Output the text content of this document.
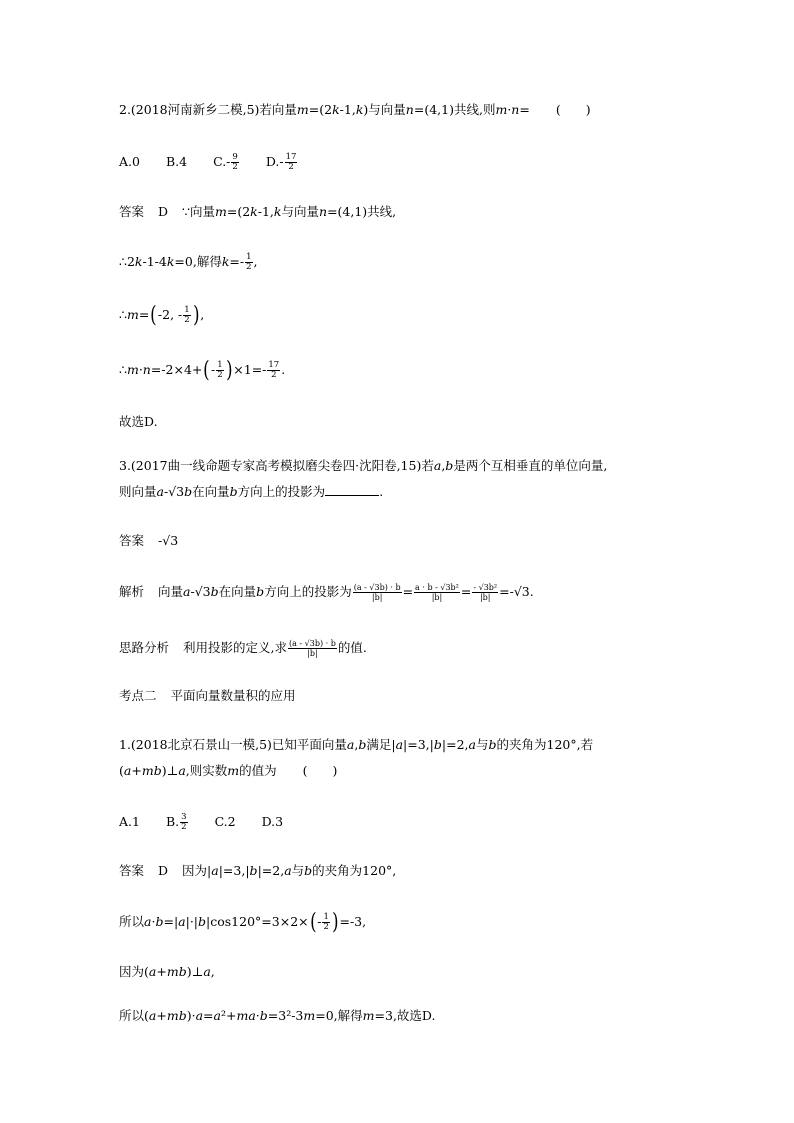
2.(2018河南新乡二模,5)若向量m=(2k-1,k)与向量n=(4,1)共线,则m·n= (　　)
A.0 B.4 $C.- \frac{9}{2} D.- \frac{17}{2}$
答案 D ∵向量m=(2k-1,k与向量n=(4,1)共线,
∴2k-1-4k=0,解得$k=- \frac{1}{2}$ ,
∴m=(-2, - $\frac{1}{2}$ ),
∴m·n=-2×4+(- $\frac{1}{2} )\times 1=- \frac{17}{2}$ .
故选D.
3.(2017曲一线命题专家高考模拟磨尖卷四·沈阳卷,15)若a,b是两个互相垂直的单位向量,
则向量a-√3b在向量b方向上的投影为	.
答案 -√3
解析 向量a-√3b在向量b方向上的投影为 $\frac{(a - √3b) \cdot b}{|b|} = \frac{\text{a · b - √3b²}}{|b|} = \frac{\text{- √3b²}}{|b|} =-√3$.
思路分析 利用投影的定义,求 $\frac{(a - √3b) \cdot b}{|b|}$ 的值.
考点二 平面向量数量积的应用
1.(2018北京石景山一模,5)已知平面向量a,b满足|a|=3,|b|=2,a与b的夹角为120°,若
(a+mb)⊥a,则实数m的值为 (　　)
A.1 B. $\frac{3}{2} C.2$ D.3
答案 D 因为|a|=3,|b|=2,a与b的夹角为120°,
所以$a\cdot b=|a|\cdot|b|\cos 120^\circ=3\times 2\times(- \frac{1}{2} )=-3$,
因为(a+mb)⊥a,
所以(a+mb)·a=a²+ma·b=3²-3m=0,解得m=3,故选D.
